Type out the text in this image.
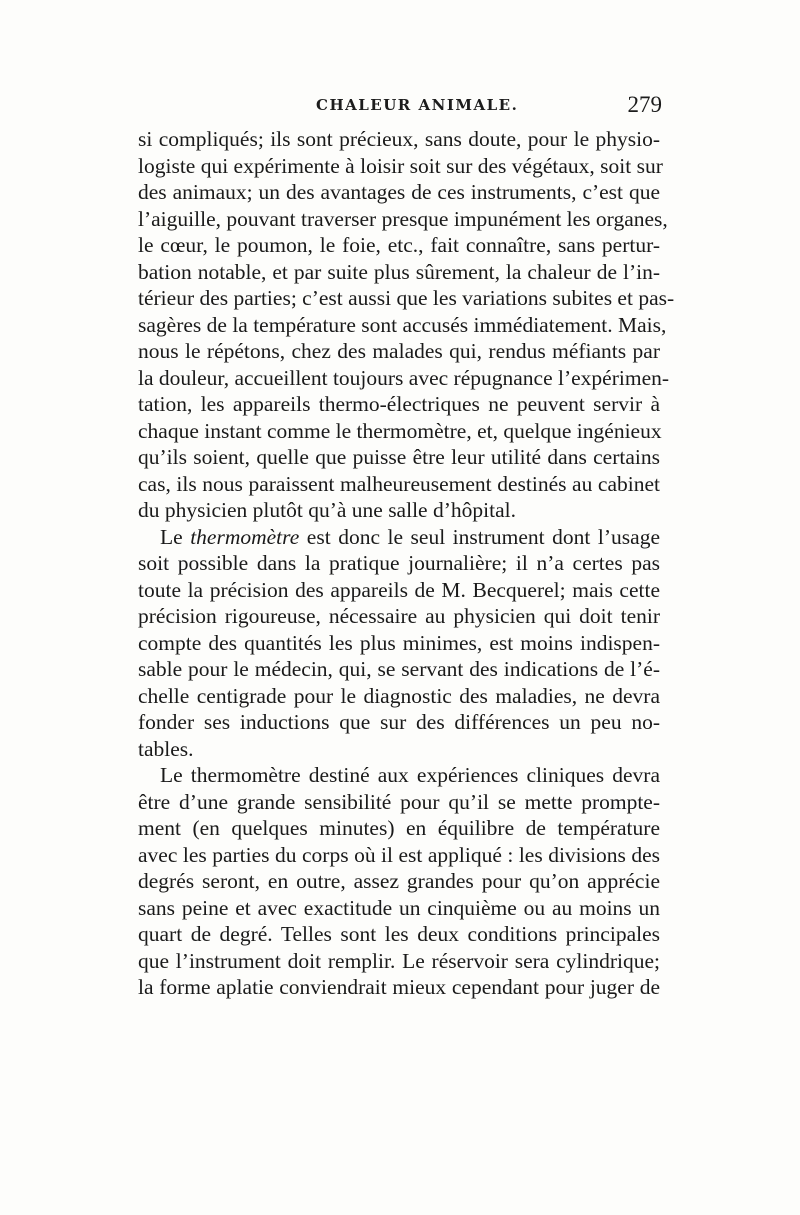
CHALEUR ANIMALE.	279
si compliqués; ils sont précieux, sans doute, pour le physio-
logiste qui expérimente à loisir soit sur des végétaux, soit sur
des animaux; un des avantages de ces instruments, c’est que
l’aiguille, pouvant traverser presque impunément les organes,
le cœur, le poumon, le foie, etc., fait connaître, sans pertur-
bation notable, et par suite plus sûrement, la chaleur de l’in-
térieur des parties; c’est aussi que les variations subites et pas-
sagères de la température sont accusés immédiatement. Mais,
nous le répétons, chez des malades qui, rendus méfiants par
la douleur, accueillent toujours avec répugnance l’expérimen-
tation, les appareils thermo-électriques ne peuvent servir à
chaque instant comme le thermomètre, et, quelque ingénieux
qu’ils soient, quelle que puisse être leur utilité dans certains
cas, ils nous paraissent malheureusement destinés au cabinet
du physicien plutôt qu’à une salle d’hôpital.
Le thermomètre est donc le seul instrument dont l’usage
soit possible dans la pratique journalière; il n’a certes pas
toute la précision des appareils de M. Becquerel; mais cette
précision rigoureuse, nécessaire au physicien qui doit tenir
compte des quantités les plus minimes, est moins indispen-
sable pour le médecin, qui, se servant des indications de l’é-
chelle centigrade pour le diagnostic des maladies, ne devra
fonder ses inductions que sur des différences un peu no-
tables.
Le thermomètre destiné aux expériences cliniques devra
être d’une grande sensibilité pour qu’il se mette prompte-
ment (en quelques minutes) en équilibre de température
avec les parties du corps où il est appliqué : les divisions des
degrés seront, en outre, assez grandes pour qu’on apprécie
sans peine et avec exactitude un cinquième ou au moins un
quart de degré. Telles sont les deux conditions principales
que l’instrument doit remplir. Le réservoir sera cylindrique;
la forme aplatie conviendrait mieux cependant pour juger de
